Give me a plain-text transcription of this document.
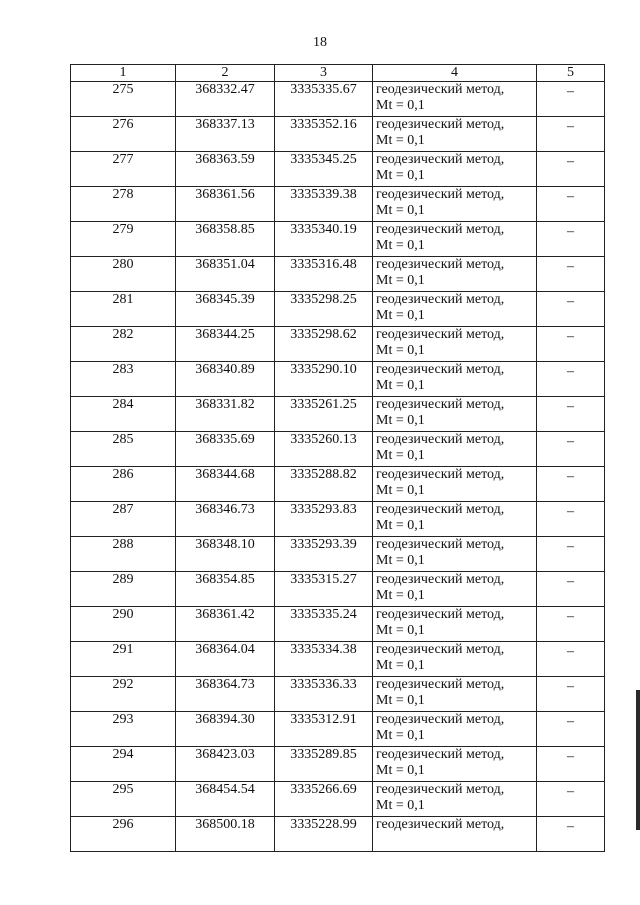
18
1	2	3	4	5
275	368332.47	3335335.67	геодезический метод,
Mt = 0,1	–
276	368337.13	3335352.16	геодезический метод,
Mt = 0,1	–
277	368363.59	3335345.25	геодезический метод,
Mt = 0,1	–
278	368361.56	3335339.38	геодезический метод,
Mt = 0,1	–
279	368358.85	3335340.19	геодезический метод,
Mt = 0,1	–
280	368351.04	3335316.48	геодезический метод,
Mt = 0,1	–
281	368345.39	3335298.25	геодезический метод,
Mt = 0,1	–
282	368344.25	3335298.62	геодезический метод,
Mt = 0,1	–
283	368340.89	3335290.10	геодезический метод,
Mt = 0,1	–
284	368331.82	3335261.25	геодезический метод,
Mt = 0,1	–
285	368335.69	3335260.13	геодезический метод,
Mt = 0,1	–
286	368344.68	3335288.82	геодезический метод,
Mt = 0,1	–
287	368346.73	3335293.83	геодезический метод,
Mt = 0,1	–
288	368348.10	3335293.39	геодезический метод,
Mt = 0,1	–
289	368354.85	3335315.27	геодезический метод,
Mt = 0,1	–
290	368361.42	3335335.24	геодезический метод,
Mt = 0,1	–
291	368364.04	3335334.38	геодезический метод,
Mt = 0,1	–
292	368364.73	3335336.33	геодезический метод,
Mt = 0,1	–
293	368394.30	3335312.91	геодезический метод,
Mt = 0,1	–
294	368423.03	3335289.85	геодезический метод,
Mt = 0,1	–
295	368454.54	3335266.69	геодезический метод,
Mt = 0,1	–
296	368500.18	3335228.99	геодезический метод,	–
